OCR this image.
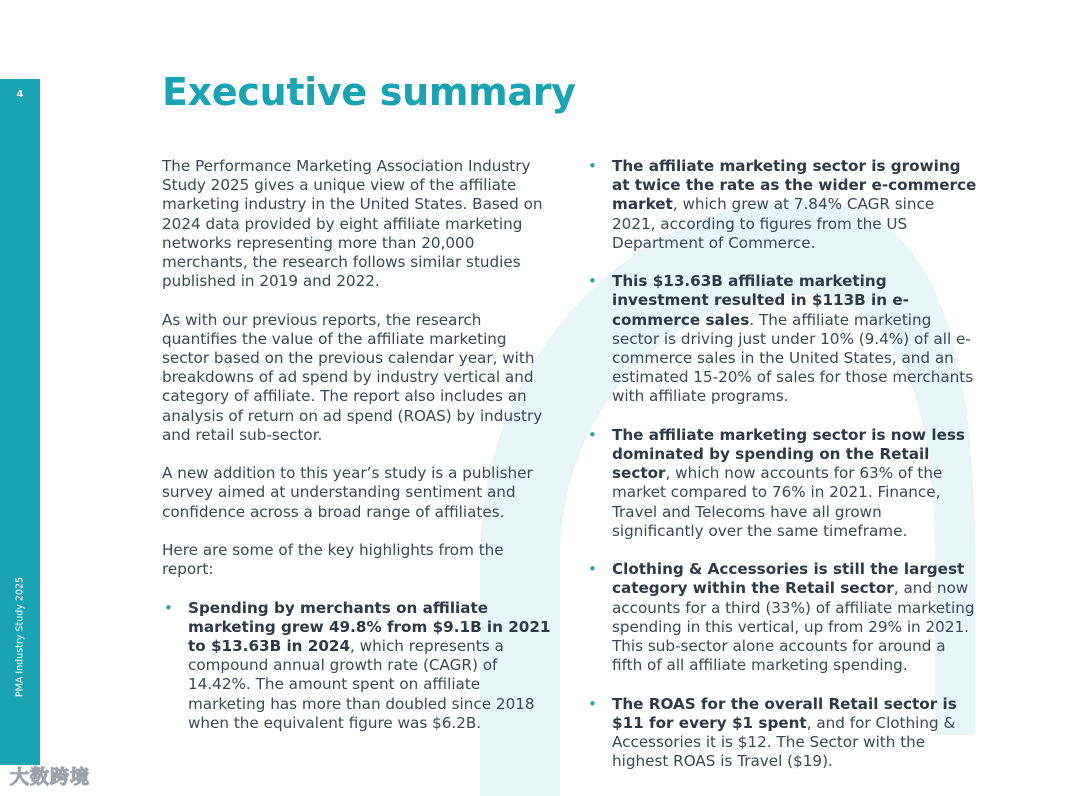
4
PMA Industry Study 2025
Executive summary

The Performance Marketing Association Industry Study 2025 gives a unique view of the affiliate marketing industry in the United States. Based on 2024 data provided by eight affiliate marketing networks representing more than 20,000 merchants, the research follows similar studies published in 2019 and 2022.

As with our previous reports, the research quantifies the value of the affiliate marketing sector based on the previous calendar year, with breakdowns of ad spend by industry vertical and category of affiliate. The report also includes an analysis of return on ad spend (ROAS) by industry and retail sub-sector.

A new addition to this year’s study is a publisher survey aimed at understanding sentiment and confidence across a broad range of affiliates.

Here are some of the key highlights from the report:

• Spending by merchants on affiliate marketing grew 49.8% from $9.1B in 2021 to $13.63B in 2024, which represents a compound annual growth rate (CAGR) of 14.42%. The amount spent on affiliate marketing has more than doubled since 2018 when the equivalent figure was $6.2B.
• The affiliate marketing sector is growing at twice the rate as the wider e-commerce market, which grew at 7.84% CAGR since 2021, according to figures from the US Department of Commerce.
• This $13.63B affiliate marketing investment resulted in $113B in e-commerce sales. The affiliate marketing sector is driving just under 10% (9.4%) of all e-commerce sales in the United States, and an estimated 15-20% of sales for those merchants with affiliate programs.
• The affiliate marketing sector is now less dominated by spending on the Retail sector, which now accounts for 63% of the market compared to 76% in 2021. Finance, Travel and Telecoms have all grown significantly over the same timeframe.
• Clothing & Accessories is still the largest category within the Retail sector, and now accounts for a third (33%) of affiliate marketing spending in this vertical, up from 29% in 2021. This sub-sector alone accounts for around a fifth of all affiliate marketing spending.
• The ROAS for the overall Retail sector is $11 for every $1 spent, and for Clothing & Accessories it is $12. The Sector with the highest ROAS is Travel ($19).
大数跨境
